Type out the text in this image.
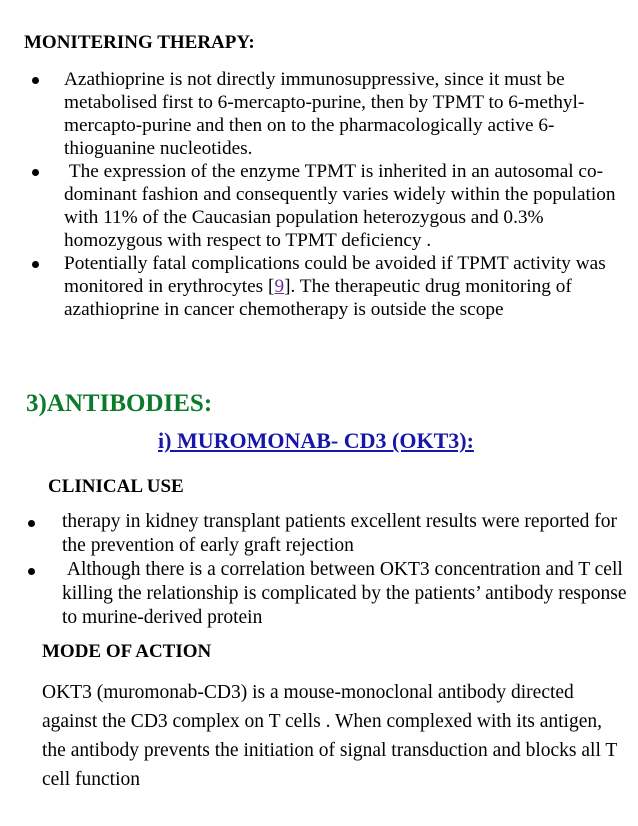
MONITERING THERAPY:
Azathioprine is not directly immunosuppressive, since it must be metabolised first to 6-mercapto-purine, then by TPMT to 6-methyl-mercapto-purine and then on to the pharmacologically active 6-thioguanine nucleotides.
The expression of the enzyme TPMT is inherited in an autosomal co-dominant fashion and consequently varies widely within the population  with 11% of the Caucasian population heterozygous and 0.3% homozygous with respect to TPMT deficiency .
Potentially fatal complications could be avoided if TPMT activity was monitored in erythrocytes [9]. The therapeutic drug monitoring of azathioprine in cancer chemotherapy is outside the scope
3)ANTIBODIES:
i) MUROMONAB- CD3 (OKT3):
CLINICAL USE
therapy in kidney transplant patients excellent results were reported for the prevention of early graft rejection
Although there is a correlation between OKT3 concentration and T cell killing the relationship is complicated by the patients’ antibody response to murine-derived protein
MODE OF ACTION
OKT3 (muromonab-CD3) is a mouse-monoclonal antibody directed against the CD3 complex on T cells . When complexed with its antigen, the antibody prevents the initiation of signal transduction and blocks all T cell function
